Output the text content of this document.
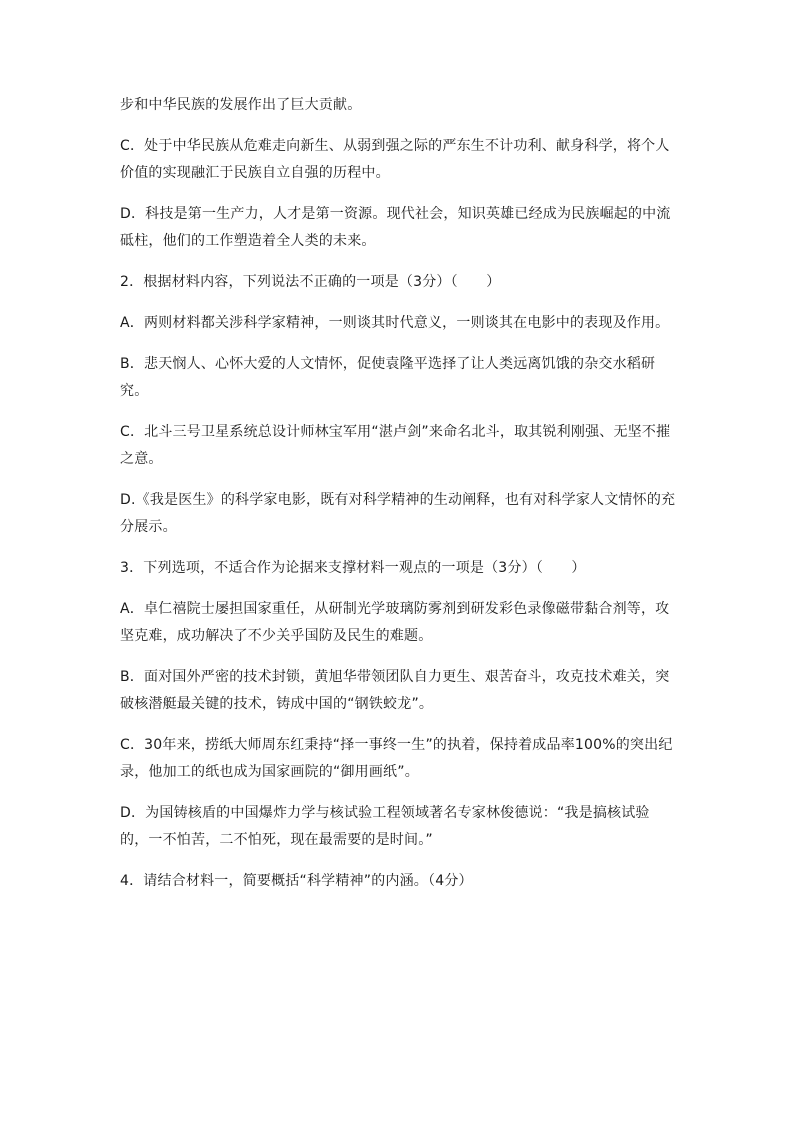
步和中华民族的发展作出了巨大贡献。

C．处于中华民族从危难走向新生、从弱到强之际的严东生不计功利、献身科学，将个人价值的实现融汇于民族自立自强的历程中。

D．科技是第一生产力，人才是第一资源。现代社会，知识英雄已经成为民族崛起的中流砥柱，他们的工作塑造着全人类的未来。

2．根据材料内容，下列说法不正确的一项是（3分）（　　）

A．两则材料都关涉科学家精神，一则谈其时代意义，一则谈其在电影中的表现及作用。

B．悲天悯人、心怀大爱的人文情怀，促使袁隆平选择了让人类远离饥饿的杂交水稻研究。

C．北斗三号卫星系统总设计师林宝军用“湛卢剑”来命名北斗，取其锐利刚强、无坚不摧之意。

D.《我是医生》的科学家电影，既有对科学精神的生动阐释，也有对科学家人文情怀的充分展示。

3．下列选项，不适合作为论据来支撑材料一观点的一项是（3分）（　　）

A．卓仁禧院士屡担国家重任，从研制光学玻璃防雾剂到研发彩色录像磁带黏合剂等，攻坚克难，成功解决了不少关乎国防及民生的难题。

B．面对国外严密的技术封锁，黄旭华带领团队自力更生、艰苦奋斗，攻克技术难关，突破核潜艇最关键的技术，铸成中国的“钢铁蛟龙”。

C．30年来，捞纸大师周东红秉持“择一事终一生”的执着，保持着成品率100%的突出纪录，他加工的纸也成为国家画院的“御用画纸”。

D．为国铸核盾的中国爆炸力学与核试验工程领域著名专家林俊德说：“我是搞核试验的，一不怕苦，二不怕死，现在最需要的是时间。”

4．请结合材料一，简要概括“科学精神”的内涵。（4分）
